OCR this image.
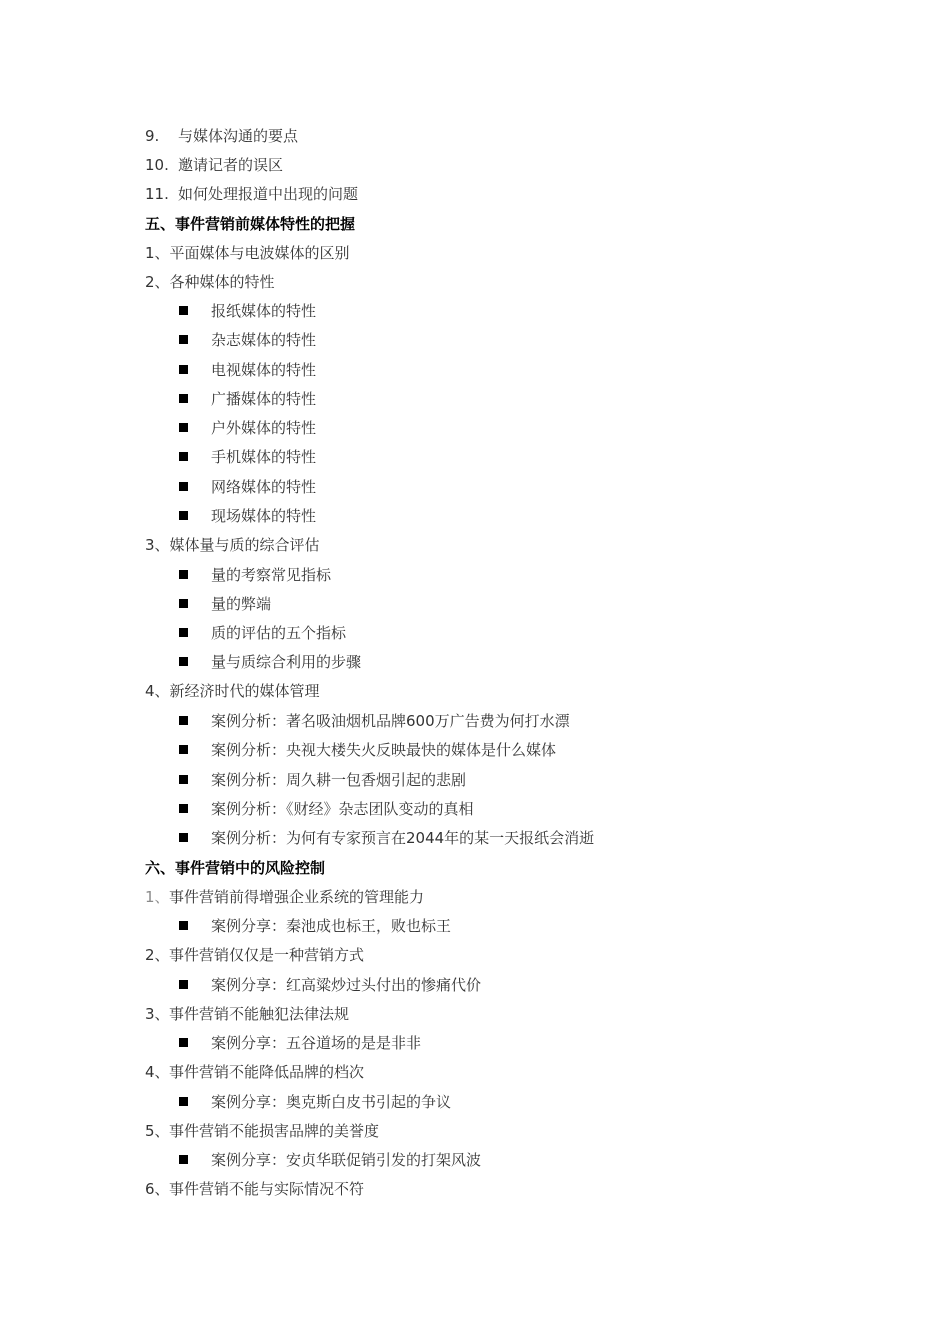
9. 与媒体沟通的要点
10. 邀请记者的误区
11. 如何处理报道中出现的问题
五、事件营销前媒体特性的把握
1、平面媒体与电波媒体的区别
2、各种媒体的特性
报纸媒体的特性
杂志媒体的特性
电视媒体的特性
广播媒体的特性
户外媒体的特性
手机媒体的特性
网络媒体的特性
现场媒体的特性
3、媒体量与质的综合评估
量的考察常见指标
量的弊端
质的评估的五个指标
量与质综合利用的步骤
4、新经济时代的媒体管理
案例分析：著名吸油烟机品牌600万广告费为何打水漂
案例分析：央视大楼失火反映最快的媒体是什么媒体
案例分析：周久耕一包香烟引起的悲剧
案例分析：《财经》杂志团队变动的真相
案例分析：为何有专家预言在2044年的某一天报纸会消逝
六、事件营销中的风险控制
1、 事件营销前得增强企业系统的管理能力
案例分享：秦池成也标王，败也标王
2、 事件营销仅仅是一种营销方式
案例分享：红高粱炒过头付出的惨痛代价
3、 事件营销不能触犯法律法规
案例分享：五谷道场的是是非非
4、 事件营销不能降低品牌的档次
案例分享：奥克斯白皮书引起的争议
5、 事件营销不能损害品牌的美誉度
案例分享：安贞华联促销引发的打架风波
6、 事件营销不能与实际情况不符
